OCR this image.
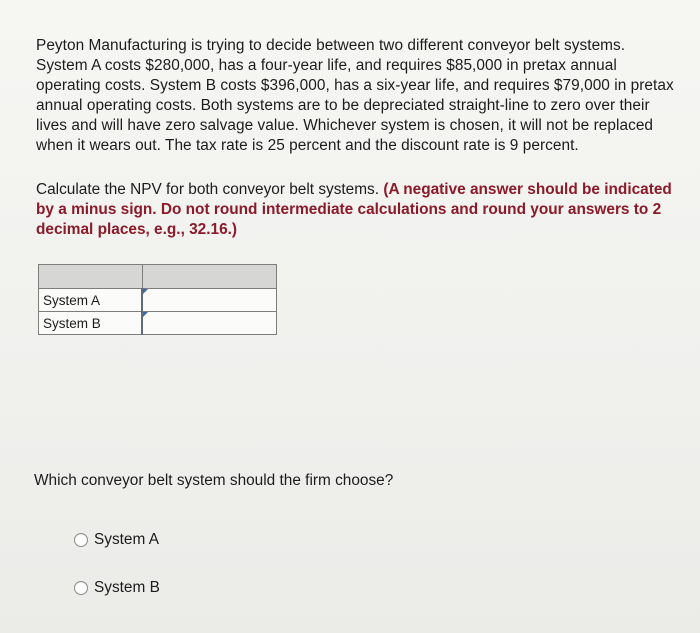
Peyton Manufacturing is trying to decide between two different conveyor belt systems. System A costs $280,000, has a four-year life, and requires $85,000 in pretax annual operating costs. System B costs $396,000, has a six-year life, and requires $79,000 in pretax annual operating costs. Both systems are to be depreciated straight-line to zero over their lives and will have zero salvage value. Whichever system is chosen, it will not be replaced when it wears out. The tax rate is 25 percent and the discount rate is 9 percent.

Calculate the NPV for both conveyor belt systems. (A negative answer should be indicated by a minus sign. Do not round intermediate calculations and round your answers to 2 decimal places, e.g., 32.16.)

System A	

System B	

Which conveyor belt system should the firm choose?

System A
System B
